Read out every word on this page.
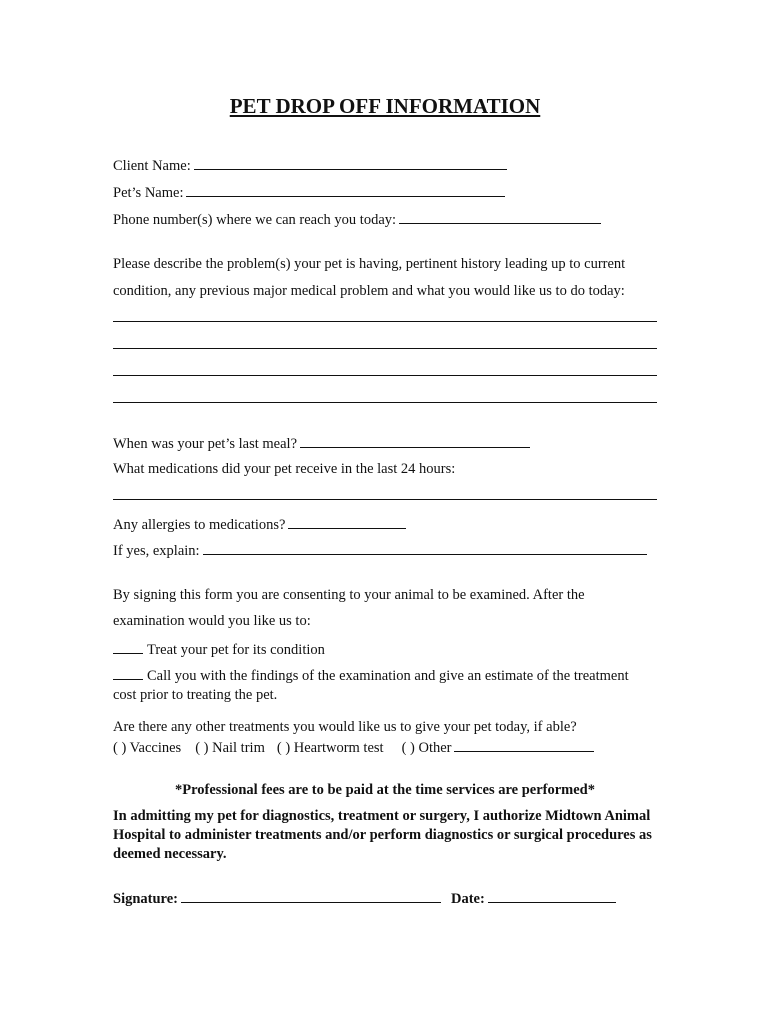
PET DROP OFF INFORMATION
Client Name:
Pet’s Name:
Phone number(s) where we can reach you today:
Please describe the problem(s) your pet is having, pertinent history leading up to current
condition, any previous major medical problem and what you would like us to do today:
When was your pet’s last meal?
What medications did your pet receive in the last 24 hours:
Any allergies to medications?
If yes, explain:
By signing this form you are consenting to your animal to be examined. After the
examination would you like us to:
Treat your pet for its condition
Call you with the findings of the examination and give an estimate of the treatment cost prior to treating the pet.
Are there any other treatments you would like us to give your pet today, if able?
( ) Vaccines ( ) Nail trim ( ) Heartworm test ( ) Other
*Professional fees are to be paid at the time services are performed*
In admitting my pet for diagnostics, treatment or surgery, I authorize Midtown Animal Hospital to administer treatments and/or perform diagnostics or surgical procedures as deemed necessary.
Signature:	Date:
